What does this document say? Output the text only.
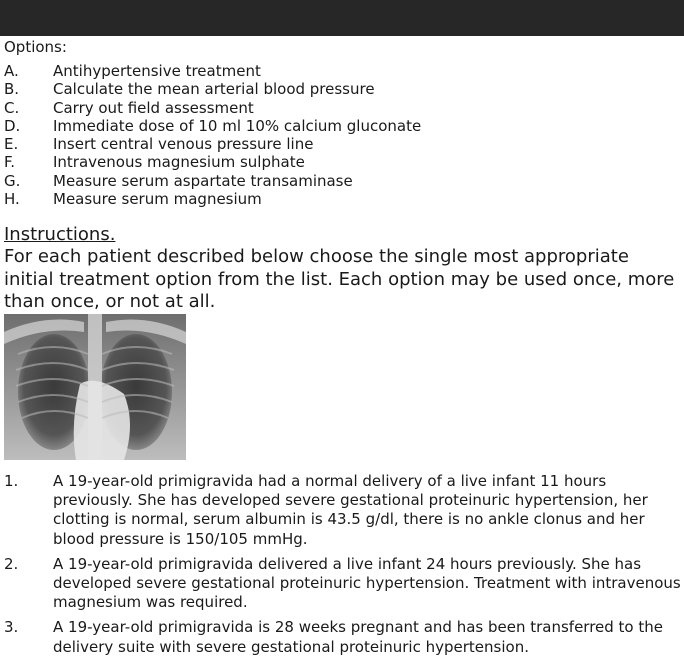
Options:
A. Antihypertensive treatment
B. Calculate the mean arterial blood pressure
C. Carry out field assessment
D. Immediate dose of 10 ml 10% calcium gluconate
E. Insert central venous pressure line
F.	Intravenous magnesium sulphate
G. Measure serum aspartate transaminase
H. Measure serum magnesium
Instructions.

For each patient described below choose the single most appropriate initial treatment option from the list. Each option may be used once, more than once, or not at all.

1. A 19-year-old primigravida had a normal delivery of a live infant 11 hours previously. She has developed severe gestational proteinuric hypertension, her clotting is normal, serum albumin is 43.5 g/dl, there is no ankle clonus and her blood pressure is 150/105 mmHg.
2. A 19-year-old primigravida delivered a live infant 24 hours previously. She has developed severe gestational proteinuric hypertension. Treatment with intravenous magnesium was required.
3. A 19-year-old primigravida is 28 weeks pregnant and has been transferred to the delivery suite with severe gestational proteinuric hypertension.
